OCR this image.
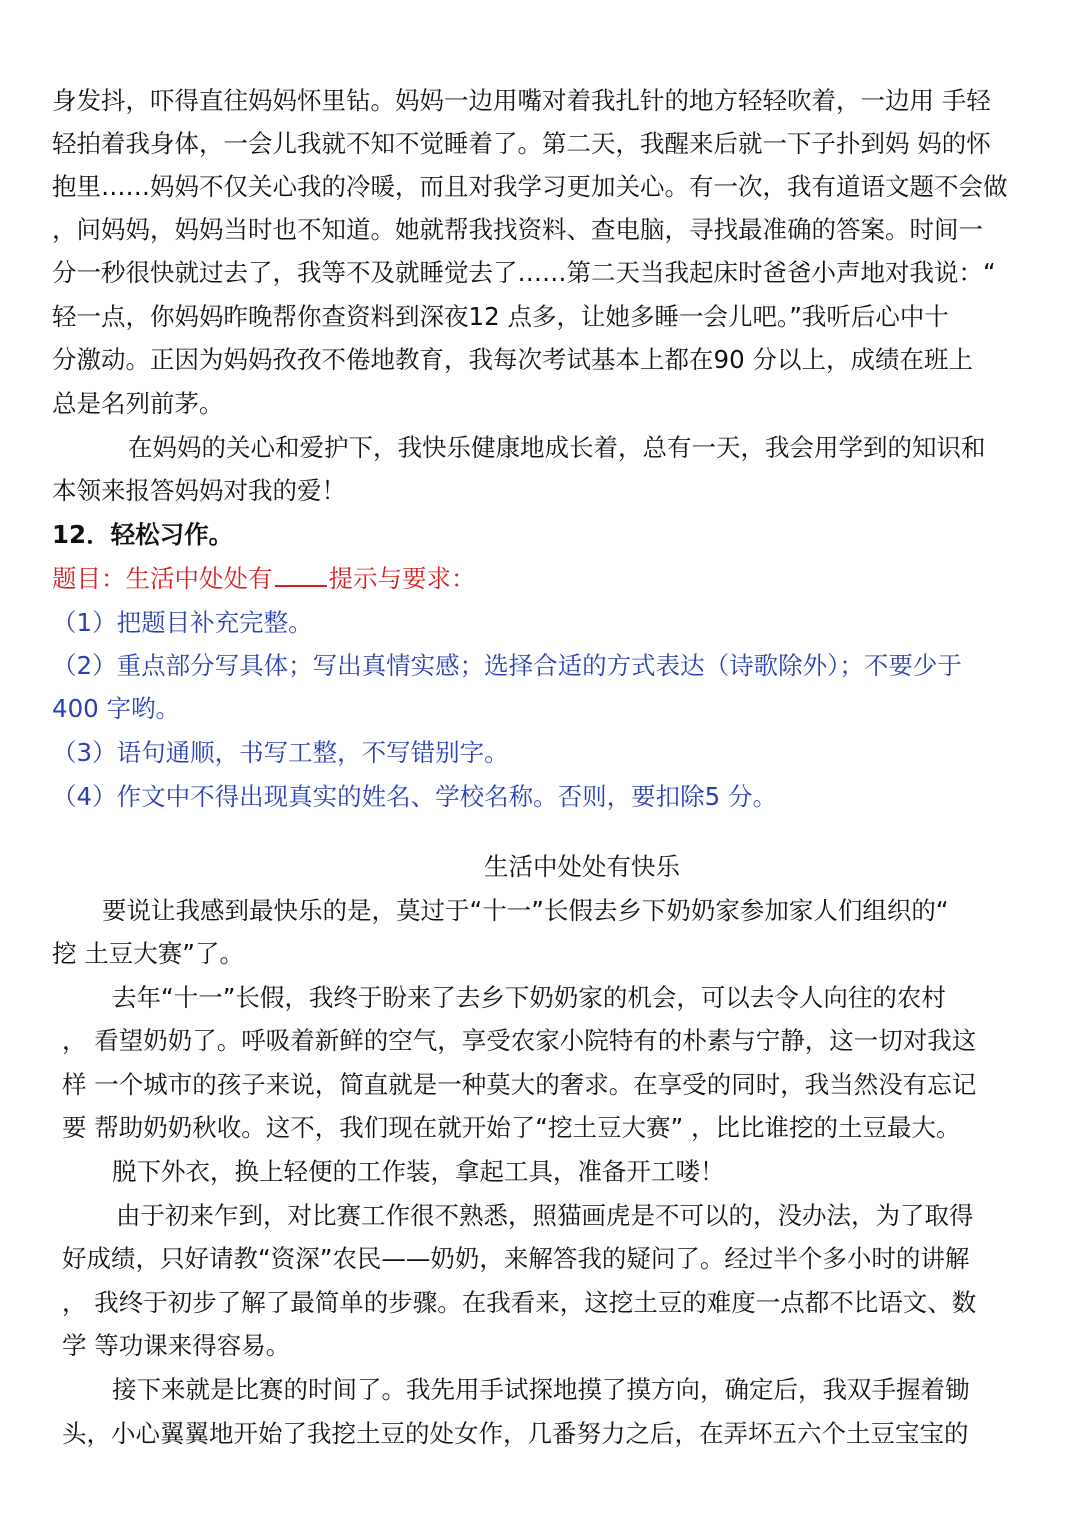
身发抖，吓得直往妈妈怀里钻。妈妈一边用嘴对着我扎针的地方轻轻吹着，一边用 手轻
轻拍着我身体，一会儿我就不知不觉睡着了。第二天，我醒来后就一下子扑到妈 妈的怀
抱里……妈妈不仅关心我的冷暖，而且对我学习更加关心。有一次，我有道语文题不会做
，问妈妈，妈妈当时也不知道。她就帮我找资料、查电脑，寻找最准确的答案。时间一
分一秒很快就过去了，我等不及就睡觉去了……第二天当我起床时爸爸小声地对我说：“
轻一点，你妈妈昨晚帮你查资料到深夜12 点多，让她多睡一会儿吧。”我听后心中十
分激动。正因为妈妈孜孜不倦地教育，我每次考试基本上都在90 分以上，成绩在班上
总是名列前茅。
在妈妈的关心和爱护下，我快乐健康地成长着，总有一天，我会用学到的知识和
本领来报答妈妈对我的爱！
12．轻松习作。
题目：生活中处处有 提示与要求：
（1）把题目补充完整。
（2）重点部分写具体；写出真情实感；选择合适的方式表达（诗歌除外）；不要少于
400 字哟。
（3）语句通顺，书写工整，不写错别字。
（4）作文中不得出现真实的姓名、学校名称。否则，要扣除5 分。
生活中处处有快乐
要说让我感到最快乐的是，莫过于“十一”长假去乡下奶奶家参加家人们组织的“
挖 土豆大赛”了。
去年“十一”长假，我终于盼来了去乡下奶奶家的机会，可以去令人向往的农村
， 看望奶奶了。呼吸着新鲜的空气，享受农家小院特有的朴素与宁静，这一切对我这
样 一个城市的孩子来说，简直就是一种莫大的奢求。在享受的同时，我当然没有忘记
要 帮助奶奶秋收。这不，我们现在就开始了“挖土豆大赛” ，比比谁挖的土豆最大。
脱下外衣，换上轻便的工作装，拿起工具，准备开工喽！
由于初来乍到，对比赛工作很不熟悉，照猫画虎是不可以的，没办法，为了取得
好成绩，只好请教“资深”农民——奶奶，来解答我的疑问了。经过半个多小时的讲解
， 我终于初步了解了最简单的步骤。在我看来，这挖土豆的难度一点都不比语文、数
学 等功课来得容易。
接下来就是比赛的时间了。我先用手试探地摸了摸方向，确定后，我双手握着锄
头，小心翼翼地开始了我挖土豆的处女作，几番努力之后，在弄坏五六个土豆宝宝的
